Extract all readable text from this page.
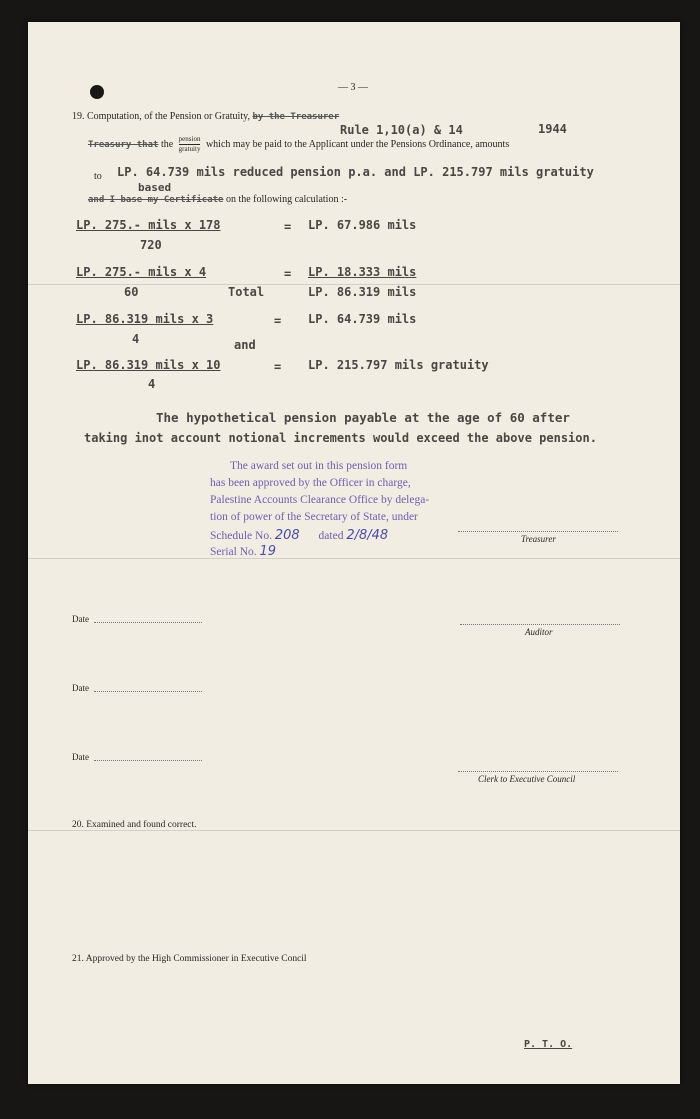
— 3 —
19. Computation, of the Pension or Gratuity, by the Treasurer
Rule 1,10(a) & 14	1944
Treasury that the $\frac{\text{pension}}{\text{gratuity}}$ which may be paid to the Applicant under the Pensions Ordinance, amounts
to LP. 64.739 mils reduced pension p.a. and LP. 215.797 mils gratuity
based
and I base my Certificate on the following calculation :-
LP. 275.- mils x 178	= LP. 67.986 mils
720
LP. 275.- mils x 4	= LP. 18.333 mils
60	Total	LP. 86.319 mils
LP. 86.319 mils x 3	= LP. 64.739 mils
4	and
LP. 86.319 mils x 10	= LP. 215.797 mils gratuity
4
The hypothetical pension payable at the age of 60 after
taking inot account notional increments would exceed the above pension.
The award set out in this pension form
has been approved by the Officer in charge,
Palestine Accounts Clearance Office by delega-
tion of power of the Secretary of State, under
Schedule No. 208 dated 2/8/48
Serial No. 19
Treasurer
Date
Auditor
Date
Date
Clerk to Executive Council
20. Examined and found correct.
21. Approved by the High Commissioner in Executive Concil
P. T. O.
